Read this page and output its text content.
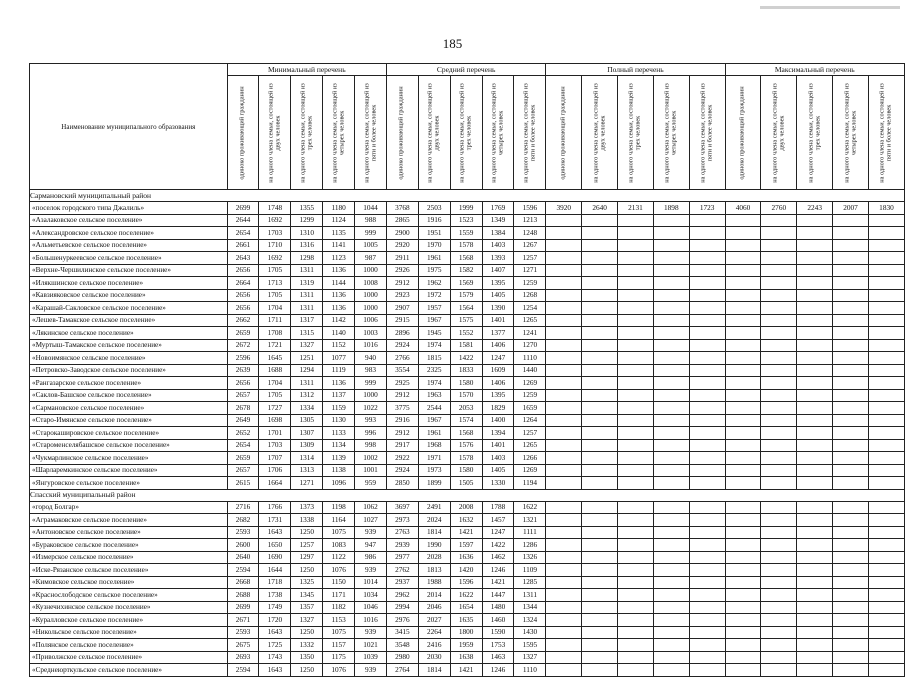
185
Наименование муниципального образования	Минимальный перечень					Средний перечень					Полный перечень					Максимальный перечень				

	одиноко проживающий гражданин	на одного члена семьи, состоящей из двух человек	на одного члена семьи, состоящей из трех человек	на одного члена семьи, состоящей из четырех человек	на одного члена семьи, состоящей из пяти и более человек	одиноко проживающий гражданин	на одного члена семьи, состоящей из двух человек	на одного члена семьи, состоящей из трех человек	на одного члена семьи, состоящей из четырех человек	на одного члена семьи, состоящей из пяти и более человек	одиноко проживающий гражданин	на одного члена семьи, состоящей из двух человек	на одного члена семьи, состоящей из трех человек	на одного члена семьи, состоящей из четырех человек	на одного члена семьи, состоящей из пяти и более человек	одиноко проживающий гражданин	на одного члена семьи, состоящей из двух человек	на одного члена семьи, состоящей из трех человек	на одного члена семьи, состоящей из четырех человек	на одного члена семьи, состоящей из пяти и более человек

Сармановский муниципальный район																				
«поселок городского типа Джалиль»	2699	1748	1355	1180	1044	3768	2503	1999	1769	1596	3920	2640	2131	1898	1723	4060	2760	2243	2007	1830
«Азалаковское сельское поселение»	2644	1692	1299	1124	988	2865	1916	1523	1349	1213										
«Александровское сельское поселение»	2654	1703	1310	1135	999	2900	1951	1559	1384	1248										
«Альметьевское сельское поселение»	2661	1710	1316	1141	1005	2920	1970	1578	1403	1267										
«Большенуркеевское сельское поселение»	2643	1692	1298	1123	987	2911	1961	1568	1393	1257										
«Верхне-Чершилинское сельское поселение»	2656	1705	1311	1136	1000	2926	1975	1582	1407	1271										
«Илякшинское сельское поселение»	2664	1713	1319	1144	1008	2912	1962	1569	1395	1259										
«Кавзияковское сельское поселение»	2656	1705	1311	1136	1000	2923	1972	1579	1405	1268										
«Карашай-Сакловское сельское поселение»	2656	1704	1311	1136	1000	2907	1957	1564	1390	1254										
«Лешев-Тамакское сельское поселение»	2662	1711	1317	1142	1006	2915	1967	1575	1401	1265										
«Лякинское сельское поселение»	2659	1708	1315	1140	1003	2896	1945	1552	1377	1241										
«Муртыш-Тамакское сельское поселение»	2672	1721	1327	1152	1016	2924	1974	1581	1406	1270										
«Новоимянское сельское поселение»	2596	1645	1251	1077	940	2766	1815	1422	1247	1110										
«Петровско-Заводское сельское поселение»	2639	1688	1294	1119	983	3554	2325	1833	1609	1440										
«Рангазарское сельское поселение»	2656	1704	1311	1136	999	2925	1974	1580	1406	1269										
«Саклов-Башское сельское поселение»	2657	1705	1312	1137	1000	2912	1963	1570	1395	1259										
«Сармановское сельское поселение»	2678	1727	1334	1159	1022	3775	2544	2053	1829	1659										
«Старо-Имянское сельское поселение»	2649	1698	1305	1130	993	2916	1967	1574	1400	1264										
«Старокашировское сельское поселение»	2652	1701	1307	1133	996	2912	1961	1568	1394	1257										
«Староменселябашское сельское поселение»	2654	1703	1309	1134	998	2917	1968	1576	1401	1265										
«Чукмарлинское сельское поселение»	2659	1707	1314	1139	1002	2922	1971	1578	1403	1266										
«Шарларемкинское сельское поселение»	2657	1706	1313	1138	1001	2924	1973	1580	1405	1269										
«Янгуровское сельское поселение»	2615	1664	1271	1096	959	2850	1899	1505	1330	1194										
Спасский муниципальный район																				
«город Болгар»	2716	1766	1373	1198	1062	3697	2491	2008	1788	1622										
«Аграмаковское сельское поселение»	2682	1731	1338	1164	1027	2973	2024	1632	1457	1321										
«Антоновское сельское поселение»	2593	1643	1250	1075	939	2763	1814	1421	1247	1111										
«Бураковское сельское поселение»	2600	1650	1257	1083	947	2939	1990	1597	1422	1286										
«Измерское сельское поселение»	2640	1690	1297	1122	986	2977	2028	1636	1462	1326										
«Иске-Рязанское сельское поселение»	2594	1644	1250	1076	939	2762	1813	1420	1246	1109										
«Кимовское сельское поселение»	2668	1718	1325	1150	1014	2937	1988	1596	1421	1285										
«Краснослободское сельское поселение»	2688	1738	1345	1171	1034	2962	2014	1622	1447	1311										
«Кузнечихинское сельское поселение»	2699	1749	1357	1182	1046	2994	2046	1654	1480	1344										
«Куралловское сельское поселение»	2671	1720	1327	1153	1016	2976	2027	1635	1460	1324										
«Никольское сельское поселение»	2593	1643	1250	1075	939	3415	2264	1800	1590	1430										
«Полянское сельское поселение»	2675	1725	1332	1157	1021	3548	2416	1959	1753	1595										
«Приволжское сельское поселение»	2693	1743	1350	1175	1039	2980	2030	1638	1463	1327										
«Среднеюрткульское сельское поселение»	2594	1643	1250	1076	939	2764	1814	1421	1246	1110										
